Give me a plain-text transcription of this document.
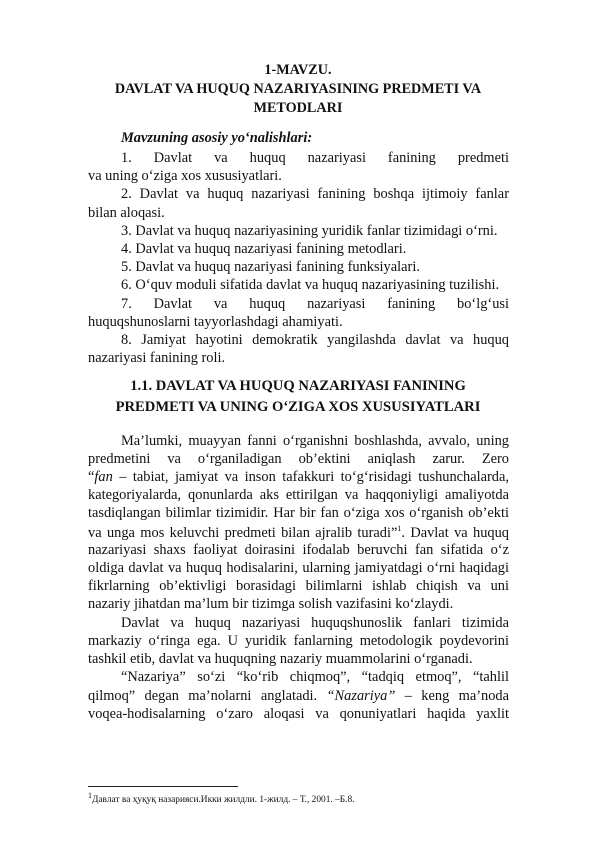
1-MAVZU.
DAVLAT VA HUQUQ NAZARIYASINING PREDMETI VA
METODLARI
Mavzuning asosiy yo‘nalishlari:
1. Davlat va huquq nazariyasi fanining predmeti
va uning o‘ziga xos xususiyatlari.
2. Davlat va huquq nazariyasi fanining boshqa ijtimoiy fanlar
bilan aloqasi.
3. Davlat va huquq nazariyasining yuridik fanlar tizimidagi o‘rni.
4. Davlat va huquq nazariyasi fanining metodlari.
5. Davlat va huquq nazariyasi fanining funksiyalari.
6. O‘quv moduli sifatida davlat va huquq nazariyasining tuzilishi.
7. Davlat va huquq nazariyasi fanining bo‘lg‘usi
huquqshunoslarni tayyorlashdagi ahamiyati.
8. Jamiyat hayotini demokratik yangilashda davlat va huquq
nazariyasi fanining roli.
1.1. DAVLAT VA HUQUQ NAZARIYASI FANINING
PREDMETI VA UNING O‘ZIGA XOS XUSUSIYATLARI
Ma’lumki, muayyan fanni o‘rganishni boshlashda, avvalo, uning
predmetini va o‘rganiladigan ob’ektini aniqlash zarur. Zero
“fan – tabiat, jamiyat va inson tafakkuri to‘g‘risidagi tushunchalarda,
kategoriyalarda, qonunlarda aks ettirilgan va haqqoniyligi amaliyotda
tasdiqlangan bilimlar tizimidir. Har bir fan o‘ziga xos o‘rganish ob’ekti
va unga mos keluvchi predmeti bilan ajralib turadi”$^1$. Davlat va huquq
nazariyasi shaxs faoliyat doirasini ifodalab beruvchi fan sifatida o‘z
oldiga davlat va huquq hodisalarini, ularning jamiyatdagi o‘rni haqidagi
fikrlarning ob’ektivligi borasidagi bilimlarni ishlab chiqish va uni
nazariy jihatdan ma’lum bir tizimga solish vazifasini ko‘zlaydi.
Davlat va huquq nazariyasi huquqshunoslik fanlari tizimida
markaziy o‘ringa ega. U yuridik fanlarning metodologik poydevorini
tashkil etib, davlat va huquqning nazariy muammolarini o‘rganadi.
“Nazariya” so‘zi “ko‘rib chiqmoq”, “tadqiq etmoq”, “tahlil
qilmoq” degan ma’nolarni anglatadi. “Nazariya” – keng ma’noda
voqea-hodisalarning o‘zaro aloqasi va qonuniyatlari haqida yaxlit
1Давлат ва ҳуқуқ назарияси.Икки жилдли. 1-жилд. – Т., 2001. –Б.8.
